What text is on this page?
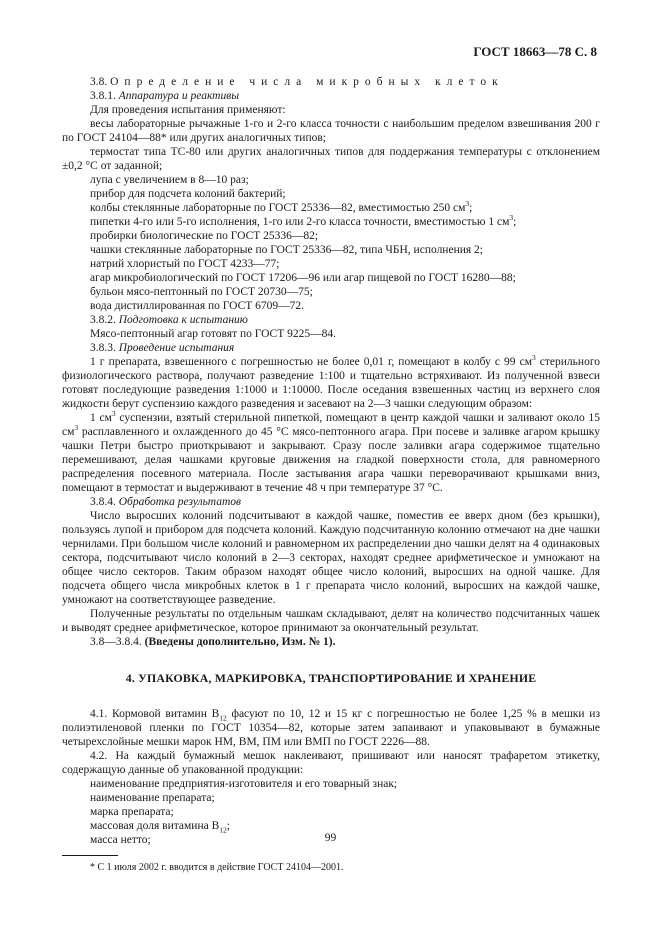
ГОСТ 18663—78 С. 8

3.8. Определение числа микробных клеток

3.8.1. Аппаратура и реактивы

Для проведения испытания применяют:

весы лабораторные рычажные 1-го и 2-го класса точности с наибольшим пределом взвешивания 200 г по ГОСТ 24104—88* или других аналогичных типов;

термостат типа ТС-80 или других аналогичных типов для поддержания температуры с отклонением ±0,2 °С от заданной;

лупа с увеличением в 8—10 раз;

прибор для подсчета колоний бактерий;

колбы стеклянные лабораторные по ГОСТ 25336—82, вместимостью 250 $см^3$;

пипетки 4-го или 5-го исполнения, 1-го или 2-го класса точности, вместимостью 1 $см^3$;

пробирки биологические по ГОСТ 25336—82;

чашки стеклянные лабораторные по ГОСТ 25336—82, типа ЧБН, исполнения 2;

натрий хлористый по ГОСТ 4233—77;

агар микробиологический по ГОСТ 17206—96 или агар пищевой по ГОСТ 16280—88;

бульон мясо-пептонный по ГОСТ 20730—75;

вода дистиллированная по ГОСТ 6709—72.

3.8.2. Подготовка к испытанию

Мясо-пептонный агар готовят по ГОСТ 9225—84.

3.8.3. Проведение испытания

1 г препарата, взвешенного с погрешностью не более 0,01 г, помещают в колбу с 99 $см^3$ стерильного физиологического раствора, получают разведение 1:100 и тщательно встряхивают. Из полученной взвеси готовят последующие разведения 1:1000 и 1:10000. После оседания взвешенных частиц из верхнего слоя жидкости берут суспензию каждого разведения и засевают на 2—3 чашки следующим образом:

1 $см^3$ суспензии, взятый стерильной пипеткой, помещают в центр каждой чашки и заливают около 15 $см^3$ расплавленного и охлажденного до 45 °С мясо-пептонного агара. При посеве и заливке агаром крышку чашки Петри быстро приоткрывают и закрывают. Сразу после заливки агара содержимое тщательно перемешивают, делая чашками круговые движения на гладкой поверхности стола, для равномерного распределения посевного материала. После застывания агара чашки переворачивают крышками вниз, помещают в термостат и выдерживают в течение 48 ч при температуре 37 °С.

3.8.4. Обработка результатов

Число выросших колоний подсчитывают в каждой чашке, поместив ее вверх дном (без крышки), пользуясь лупой и прибором для подсчета колоний. Каждую подсчитанную колонию отмечают на дне чашки чернилами. При большом числе колоний и равномерном их распределении дно чашки делят на 4 одинаковых сектора, подсчитывают число колоний в 2—3 секторах, находят среднее арифметическое и умножают на общее число секторов. Таким образом находят общее число колоний, выросших на одной чашке. Для подсчета общего числа микробных клеток в 1 г препарата число колоний, выросших на каждой чашке, умножают на соответствующее разведение.

Полученные результаты по отдельным чашкам складывают, делят на количество подсчитанных чашек и выводят среднее арифметическое, которое принимают за окончательный результат.

3.8—3.8.4. (Введены дополнительно, Изм. № 1).

4. УПАКОВКА, МАРКИРОВКА, ТРАНСПОРТИРОВАНИЕ И ХРАНЕНИЕ

4.1. Кормовой витамин $B_{12}$ фасуют по 10, 12 и 15 кг с погрешностью не более 1,25 % в мешки из полиэтиленовой пленки по ГОСТ 10354—82, которые затем запаивают и упаковывают в бумажные четырехслойные мешки марок НМ, ВМ, ПМ или ВМП по ГОСТ 2226—88.

4.2. На каждый бумажный мешок наклеивают, пришивают или наносят трафаретом этикетку, содержащую данные об упакованной продукции:

наименование предприятия-изготовителя и его товарный знак;

наименование препарата;

марка препарата;

массовая доля витамина $B_{12}$;

масса нетто;

* С 1 июля 2002 г. вводится в действие ГОСТ 24104—2001.

99
